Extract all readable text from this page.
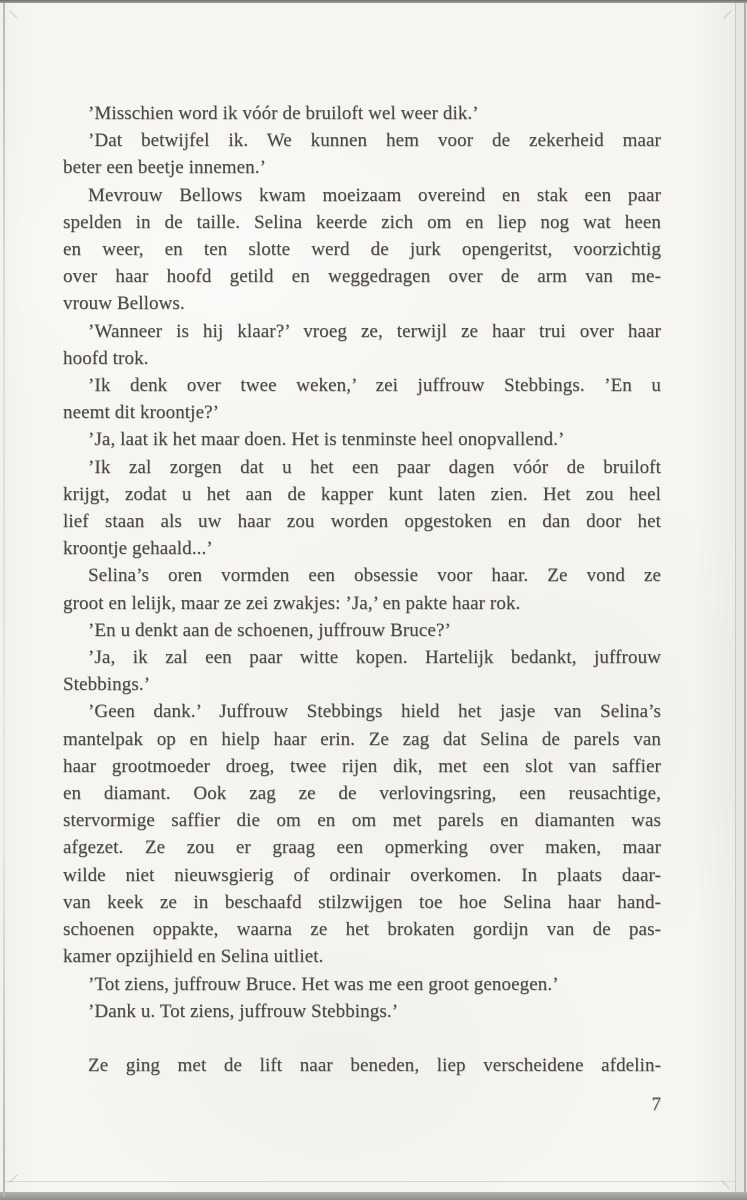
’Misschien word ik vóór de bruiloft wel weer dik.’
’Dat betwijfel ik. We kunnen hem voor de zekerheid maar
beter een beetje innemen.’
Mevrouw Bellows kwam moeizaam overeind en stak een paar
spelden in de taille. Selina keerde zich om en liep nog wat heen
en weer, en ten slotte werd de jurk opengeritst, voorzichtig
over haar hoofd getild en weggedragen over de arm van me-
vrouw Bellows.
’Wanneer is hij klaar?’ vroeg ze, terwijl ze haar trui over haar
hoofd trok.
’Ik denk over twee weken,’ zei juffrouw Stebbings. ’En u
neemt dit kroontje?’
’Ja, laat ik het maar doen. Het is tenminste heel onopvallend.’
’Ik zal zorgen dat u het een paar dagen vóór de bruiloft
krijgt, zodat u het aan de kapper kunt laten zien. Het zou heel
lief staan als uw haar zou worden opgestoken en dan door het
kroontje gehaald...’
Selina’s oren vormden een obsessie voor haar. Ze vond ze
groot en lelijk, maar ze zei zwakjes: ’Ja,’ en pakte haar rok.
’En u denkt aan de schoenen, juffrouw Bruce?’
’Ja, ik zal een paar witte kopen. Hartelijk bedankt, juffrouw
Stebbings.’
’Geen dank.’ Juffrouw Stebbings hield het jasje van Selina’s
mantelpak op en hielp haar erin. Ze zag dat Selina de parels van
haar grootmoeder droeg, twee rijen dik, met een slot van saffier
en diamant. Ook zag ze de verlovingsring, een reusachtige,
stervormige saffier die om en om met parels en diamanten was
afgezet. Ze zou er graag een opmerking over maken, maar
wilde niet nieuwsgierig of ordinair overkomen. In plaats daar-
van keek ze in beschaafd stilzwijgen toe hoe Selina haar hand-
schoenen oppakte, waarna ze het brokaten gordijn van de pas-
kamer opzijhield en Selina uitliet.
’Tot ziens, juffrouw Bruce. Het was me een groot genoegen.’
’Dank u. Tot ziens, juffrouw Stebbings.’
Ze ging met de lift naar beneden, liep verscheidene afdelin-
7
